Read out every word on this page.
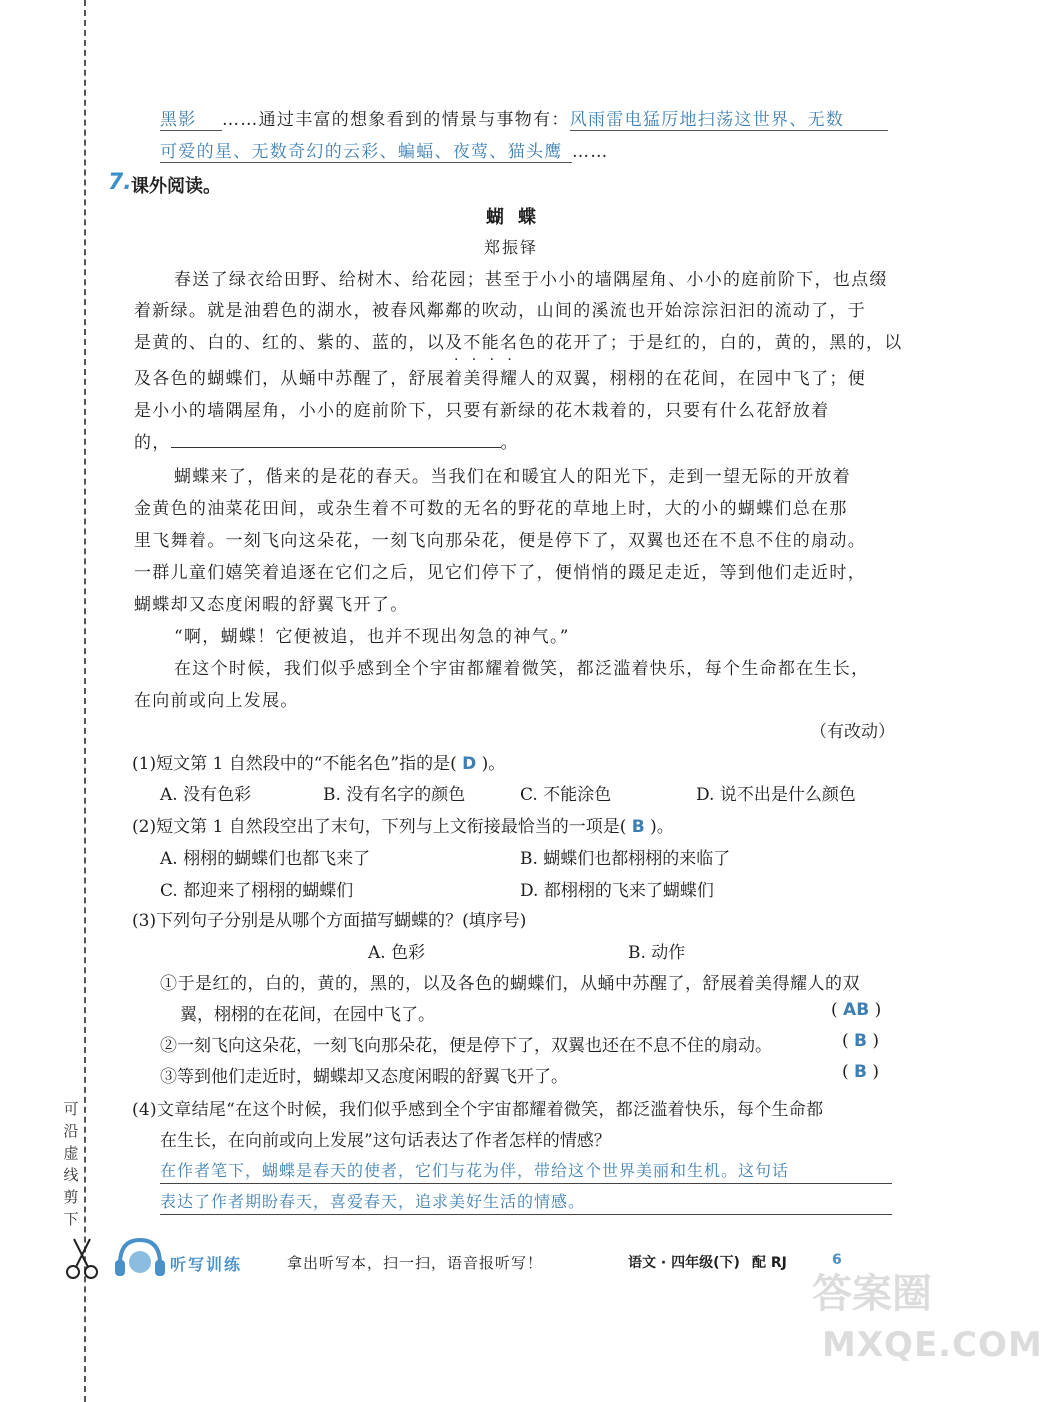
可
沿
虚
线
剪
下
黑影 ……通过丰富的想象看到的情景与事物有：风雨雷电猛厉地扫荡这世界、无数
可爱的星、无数奇幻的云彩、蝙蝠、夜莺、猫头鹰 ……
7. 课外阅读。
蝴蝶
郑振铎
春送了绿衣给田野、给树木、给花园；甚至于小小的墙隅屋角、小小的庭前阶下，也点缀
着新绿。就是油碧色的湖水，被春风鄰鄰的吹动，山间的溪流也开始淙淙汩汩的流动了，于
是黄的、白的、红的、紫的、蓝的，以及不能名色的花开了；于是红的，白的，黄的，黑的，以
·   ·   ·   ·
及各色的蝴蝶们，从蛹中苏醒了，舒展着美得耀人的双翼，栩栩的在花间，在园中飞了；便
是小小的墙隅屋角，小小的庭前阶下，只要有新绿的花木栽着的，只要有什么花舒放着
的，	。
蝴蝶来了，偕来的是花的春天。当我们在和暖宜人的阳光下，走到一望无际的开放着
金黄色的油菜花田间，或杂生着不可数的无名的野花的草地上时，大的小的蝴蝶们总在那
里飞舞着。一刻飞向这朵花，一刻飞向那朵花，便是停下了，双翼也还在不息不住的扇动。
一群儿童们嬉笑着追逐在它们之后，见它们停下了，便悄悄的蹑足走近，等到他们走近时，
蝴蝶却又态度闲暇的舒翼飞开了。
“啊，蝴蝶！它便被追，也并不现出匆急的神气。”
在这个时候，我们似乎感到全个宇宙都耀着微笑，都泛滥着快乐，每个生命都在生长，
在向前或向上发展。
（有改动）
(1)短文第 1 自然段中的“不能名色”指的是( D )。
A. 没有色彩	B. 没有名字的颜色	C. 不能涂色	D. 说不出是什么颜色
(2)短文第 1 自然段空出了末句，下列与上文衔接最恰当的一项是( B )。
A. 栩栩的蝴蝶们也都飞来了	B. 蝴蝶们也都栩栩的来临了
C. 都迎来了栩栩的蝴蝶们	D. 都栩栩的飞来了蝴蝶们
(3)下列句子分别是从哪个方面描写蝴蝶的？(填序号)
A. 色彩	B. 动作
①于是红的，白的，黄的，黑的，以及各色的蝴蝶们，从蛹中苏醒了，舒展着美得耀人的双
翼，栩栩的在花间，在园中飞了。	( AB )
②一刻飞向这朵花，一刻飞向那朵花，便是停下了，双翼也还在不息不住的扇动。	( B )
③等到他们走近时，蝴蝶却又态度闲暇的舒翼飞开了。	( B )
(4)文章结尾“在这个时候，我们似乎感到全个宇宙都耀着微笑，都泛滥着快乐，每个生命都
在生长，在向前或向上发展”这句话表达了作者怎样的情感？
在作者笔下，蝴蝶是春天的使者，它们与花为伴，带给这个世界美丽和生机。这句话
表达了作者期盼春天，喜爱春天，追求美好生活的情感。
听写训练	拿出听写本，扫一扫，语音报听写！	语文 · 四年级(下) 配 RJ	6
答案圈
MXQE.COM
